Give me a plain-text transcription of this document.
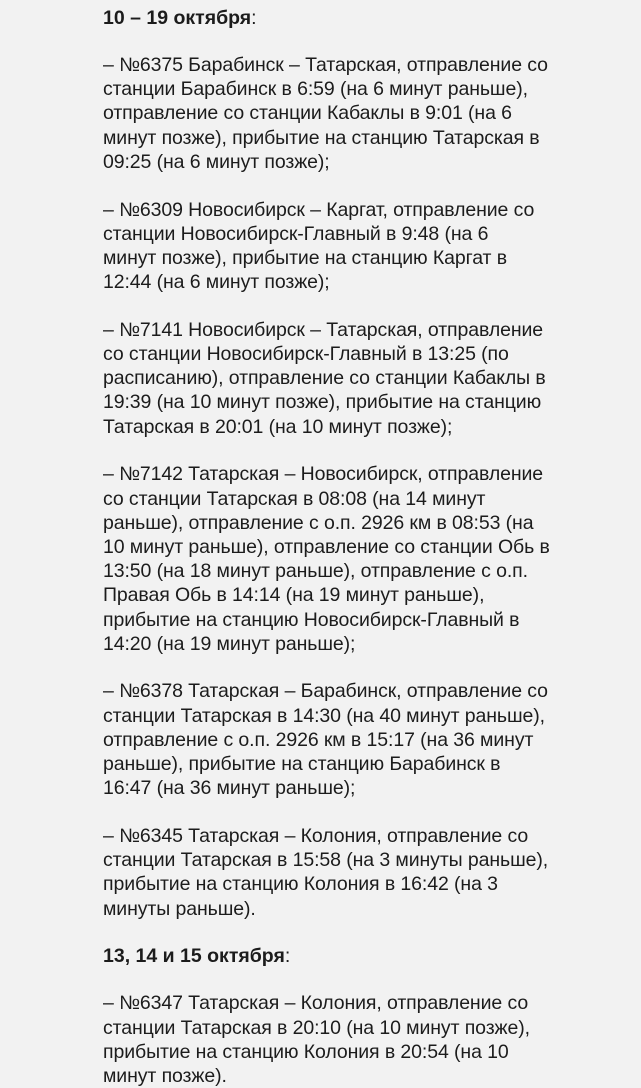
10 – 19 октября:

– №6375 Барабинск – Татарская, отправление со

станции Барабинск в 6:59 (на 6 минут раньше),

отправление со станции Кабаклы в 9:01 (на 6

минут позже), прибытие на станцию Татарская в

09:25 (на 6 минут позже);

– №6309 Новосибирск – Каргат, отправление со

станции Новосибирск-Главный в 9:48 (на 6

минут позже), прибытие на станцию Каргат в

12:44 (на 6 минут позже);

– №7141 Новосибирск – Татарская, отправление

со станции Новосибирск-Главный в 13:25 (по

расписанию), отправление со станции Кабаклы в

19:39 (на 10 минут позже), прибытие на станцию

Татарская в 20:01 (на 10 минут позже);

– №7142 Татарская – Новосибирск, отправление

со станции Татарская в 08:08 (на 14 минут

раньше), отправление с о.п. 2926 км в 08:53 (на

10 минут раньше), отправление со станции Обь в

13:50 (на 18 минут раньше), отправление с о.п.

Правая Обь в 14:14 (на 19 минут раньше),

прибытие на станцию Новосибирск-Главный в

14:20 (на 19 минут раньше);

– №6378 Татарская – Барабинск, отправление со

станции Татарская в 14:30 (на 40 минут раньше),

отправление с о.п. 2926 км в 15:17 (на 36 минут

раньше), прибытие на станцию Барабинск в

16:47 (на 36 минут раньше);

– №6345 Татарская – Колония, отправление со

станции Татарская в 15:58 (на 3 минуты раньше),

прибытие на станцию Колония в 16:42 (на 3

минуты раньше).

13, 14 и 15 октября:

– №6347 Татарская – Колония, отправление со

станции Татарская в 20:10 (на 10 минут позже),

прибытие на станцию Колония в 20:54 (на 10

минут позже).
